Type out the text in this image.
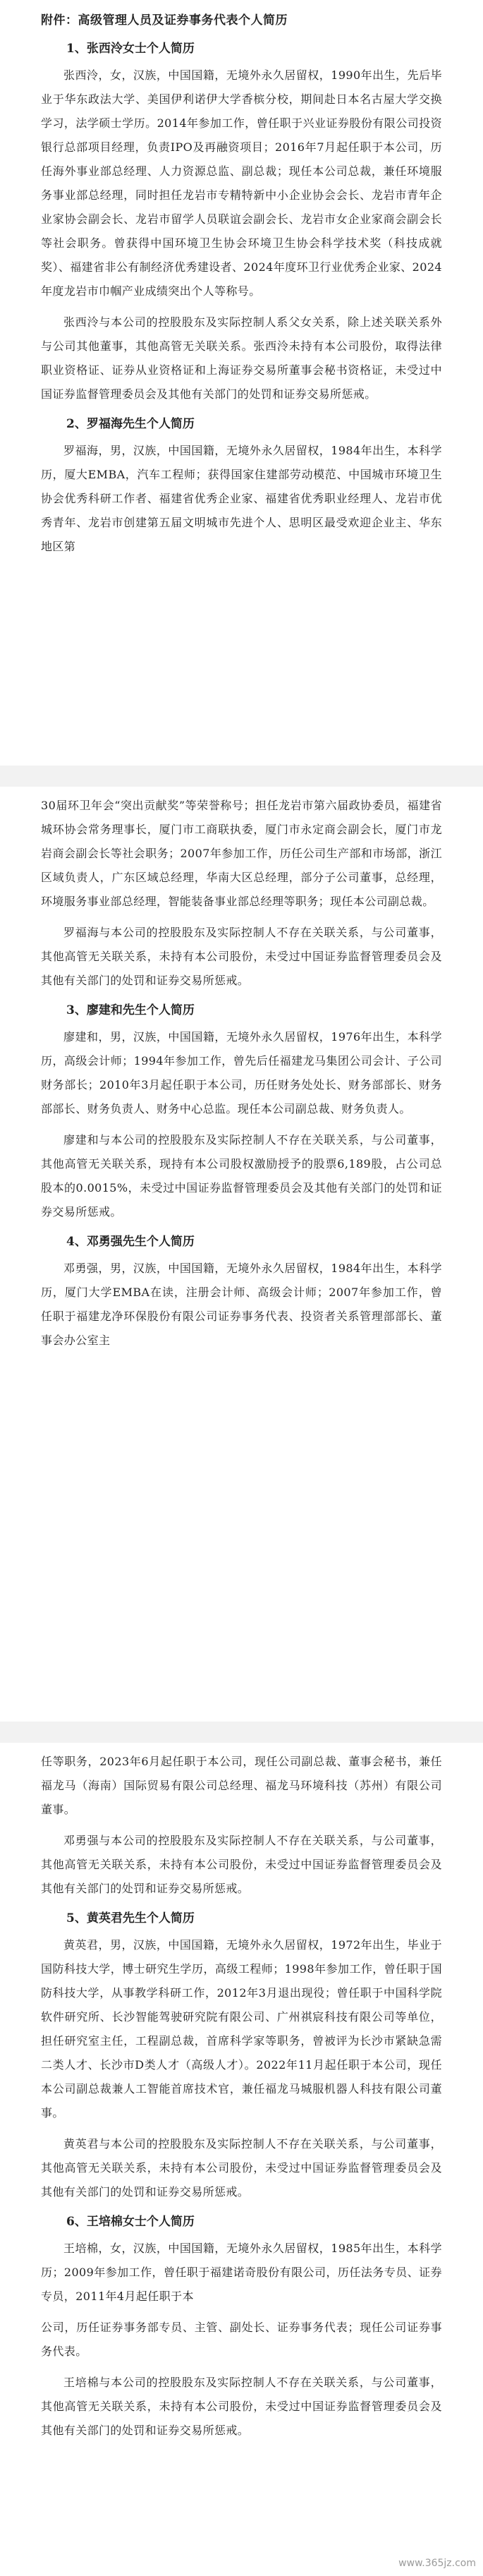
附件：高级管理人员及证券事务代表个人简历
1、张西泠女士个人简历

张西泠，女，汉族，中国国籍，无境外永久居留权，1990年出生，先后毕业于华东政法大学、美国伊利诺伊大学香槟分校，期间赴日本名古屋大学交换学习，法学硕士学历。2014年参加工作，曾任职于兴业证券股份有限公司投资银行总部项目经理，负责IPO及再融资项目；2016年7月起任职于本公司，历任海外事业部总经理、人力资源总监、副总裁；现任本公司总裁，兼任环境服务事业部总经理，同时担任龙岩市专精特新中小企业协会会长、龙岩市青年企业家协会副会长、龙岩市留学人员联谊会副会长、龙岩市女企业家商会副会长等社会职务。曾获得中国环境卫生协会环境卫生协会科学技术奖（科技成就奖）、福建省非公有制经济优秀建设者、2024年度环卫行业优秀企业家、2024年度龙岩市巾帼产业成绩突出个人等称号。

张西泠与本公司的控股股东及实际控制人系父女关系，除上述关联关系外与公司其他董事，其他高管无关联关系。张西泠未持有本公司股份，取得法律职业资格证、证券从业资格证和上海证券交易所董事会秘书资格证，未受过中国证券监督管理委员会及其他有关部门的处罚和证券交易所惩戒。

2、罗福海先生个人简历

罗福海，男，汉族，中国国籍，无境外永久居留权，1984年出生，本科学历，厦大EMBA，汽车工程师；获得国家住建部劳动模范、中国城市环境卫生协会优秀科研工作者、福建省优秀企业家、福建省优秀职业经理人、龙岩市优秀青年、龙岩市创建第五届文明城市先进个人、思明区最受欢迎企业主、华东地区第

30届环卫年会“突出贡献奖”等荣誉称号；担任龙岩市第六届政协委员，福建省城环协会常务理事长，厦门市工商联执委，厦门市永定商会副会长，厦门市龙岩商会副会长等社会职务；2007年参加工作，历任公司生产部和市场部，浙江区域负责人，广东区域总经理，华南大区总经理，部分子公司董事，总经理，环境服务事业部总经理，智能装备事业部总经理等职务；现任本公司副总裁。

罗福海与本公司的控股股东及实际控制人不存在关联关系，与公司董事，其他高管无关联关系，未持有本公司股份，未受过中国证券监督管理委员会及其他有关部门的处罚和证券交易所惩戒。

3、廖建和先生个人简历

廖建和，男，汉族，中国国籍，无境外永久居留权，1976年出生，本科学历，高级会计师；1994年参加工作，曾先后任福建龙马集团公司会计、子公司财务部长；2010年3月起任职于本公司，历任财务处处长、财务部部长、财务部部长、财务负责人、财务中心总监。现任本公司副总裁、财务负责人。

廖建和与本公司的控股股东及实际控制人不存在关联关系，与公司董事，其他高管无关联关系，现持有本公司股权激励授予的股票6,189股，占公司总股本的0.0015%，未受过中国证券监督管理委员会及其他有关部门的处罚和证券交易所惩戒。

4、邓勇强先生个人简历

邓勇强，男，汉族，中国国籍，无境外永久居留权，1984年出生，本科学历，厦门大学EMBA在读，注册会计师、高级会计师；2007年参加工作，曾任职于福建龙净环保股份有限公司证券事务代表、投资者关系管理部部长、董事会办公室主

任等职务，2023年6月起任职于本公司，现任公司副总裁、董事会秘书，兼任福龙马（海南）国际贸易有限公司总经理、福龙马环境科技（苏州）有限公司董事。

邓勇强与本公司的控股股东及实际控制人不存在关联关系，与公司董事，其他高管无关联关系，未持有本公司股份，未受过中国证券监督管理委员会及其他有关部门的处罚和证券交易所惩戒。

5、黄英君先生个人简历

黄英君，男，汉族，中国国籍，无境外永久居留权，1972年出生，毕业于国防科技大学，博士研究生学历，高级工程师；1998年参加工作，曾任职于国防科技大学，从事教学科研工作，2012年3月退出现役；曾任职于中国科学院软件研究所、长沙智能驾驶研究院有限公司、广州祺宸科技有限公司等单位，担任研究室主任，工程副总裁，首席科学家等职务，曾被评为长沙市紧缺急需二类人才、长沙市D类人才（高级人才）。2022年11月起任职于本公司，现任本公司副总裁兼人工智能首席技术官，兼任福龙马城服机器人科技有限公司董事。

黄英君与本公司的控股股东及实际控制人不存在关联关系，与公司董事，其他高管无关联关系，未持有本公司股份，未受过中国证券监督管理委员会及其他有关部门的处罚和证券交易所惩戒。

6、王培棉女士个人简历

王培棉，女，汉族，中国国籍，无境外永久居留权，1985年出生，本科学历；2009年参加工作，曾任职于福建诺奇股份有限公司，历任法务专员、证券专员，2011年4月起任职于本

公司，历任证券事务部专员、主管、副处长、证券事务代表；现任公司证券事务代表。

王培棉与本公司的控股股东及实际控制人不存在关联关系，与公司董事，其他高管无关联关系，未持有本公司股份，未受过中国证券监督管理委员会及其他有关部门的处罚和证券交易所惩戒。

www.365jz.com
